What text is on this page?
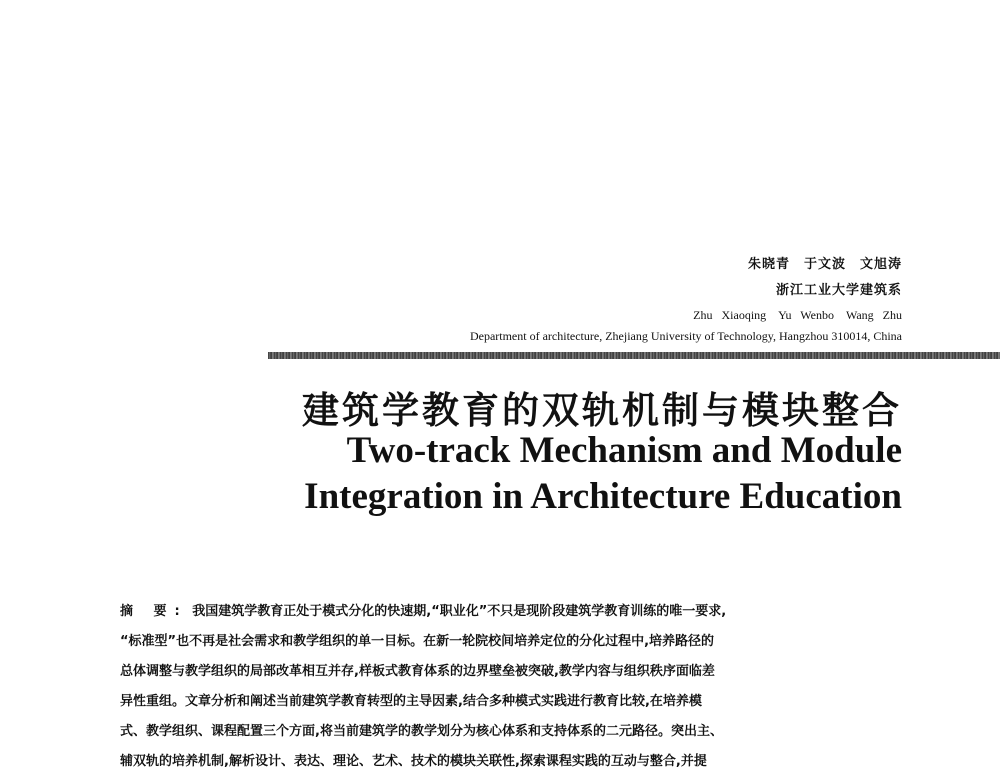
朱晓青　于文波　文旭涛
浙江工业大学建筑系
Zhu Xiaoqing　Yu Wenbo　Wang Zhu
Department of architecture, Zhejiang University of Technology, Hangzhou 310014, China
建筑学教育的双轨机制与模块整合
Two-track Mechanism and Module
Integration in Architecture Education
摘 要: 我国建筑学教育正处于模式分化的快速期,“职业化”不只是现阶段建筑学教育训练的唯一要求,
“标准型”也不再是社会需求和教学组织的单一目标。在新一轮院校间培养定位的分化过程中,培养路径的
总体调整与教学组织的局部改革相互并存,样板式教育体系的边界壁垒被突破,教学内容与组织秩序面临差
异性重组。文章分析和阐述当前建筑学教育转型的主导因素,结合多种模式实践进行教育比较,在培养模
式、教学组织、课程配置三个方面,将当前建筑学的教学划分为核心体系和支持体系的二元路径。突出主、
辅双轨的培养机制,解析设计、表达、理论、艺术、技术的模块关联性,探索课程实践的互动与整合,并提
